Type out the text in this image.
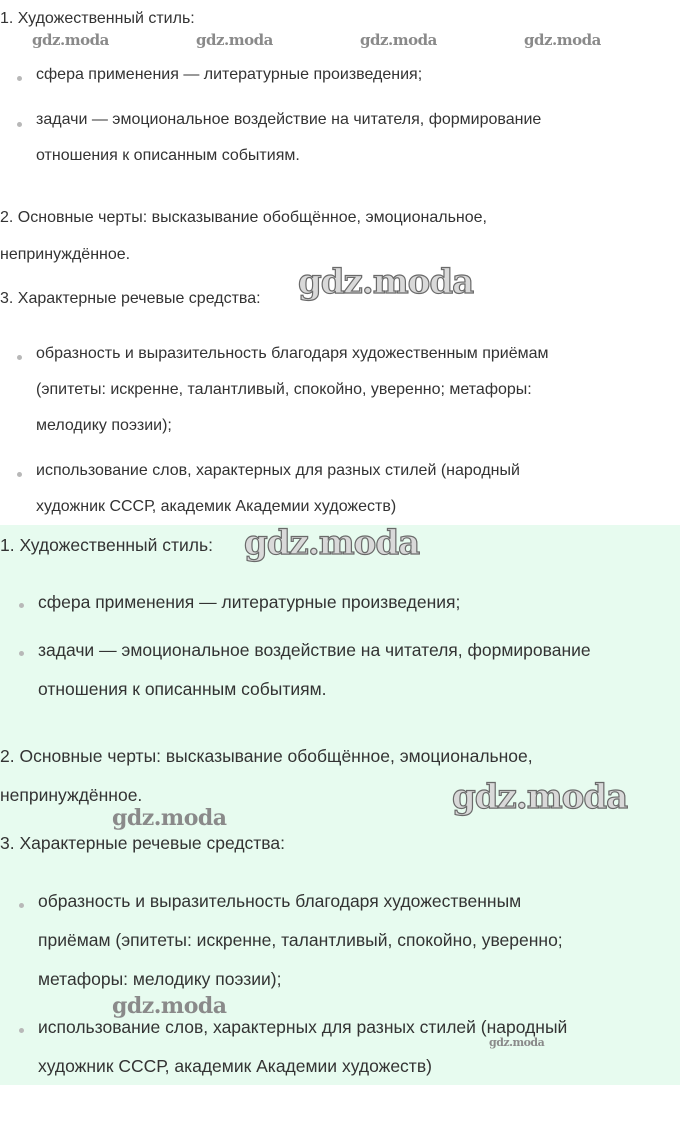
1. Художественный стиль:
сфера применения — литературные произведения;
задачи — эмоциональное воздействие на читателя, формирование
отношения к описанным событиям.
2. Основные черты: высказывание обобщённое, эмоциональное,
непринуждённое.
3. Характерные речевые средства:
образность и выразительность благодаря художественным приёмам
(эпитеты: искренне, талантливый, спокойно, уверенно; метафоры:
мелодику поэзии);
использование слов, характерных для разных стилей (народный
художник СССР, академик Академии художеств)
gdz.moda	gdz.moda	gdz.moda	gdz.moda
gdz.moda
1. Художественный стиль:
сфера применения — литературные произведения;
задачи — эмоциональное воздействие на читателя, формирование
отношения к описанным событиям.
2. Основные черты: высказывание обобщённое, эмоциональное,
непринуждённое.
3. Характерные речевые средства:
образность и выразительность благодаря художественным
приёмам (эпитеты: искренне, талантливый, спокойно, уверенно;
метафоры: мелодику поэзии);
использование слов, характерных для разных стилей (народный
художник СССР, академик Академии художеств)
gdz.moda
gdz.moda
gdz.moda
gdz.moda
gdz.moda
